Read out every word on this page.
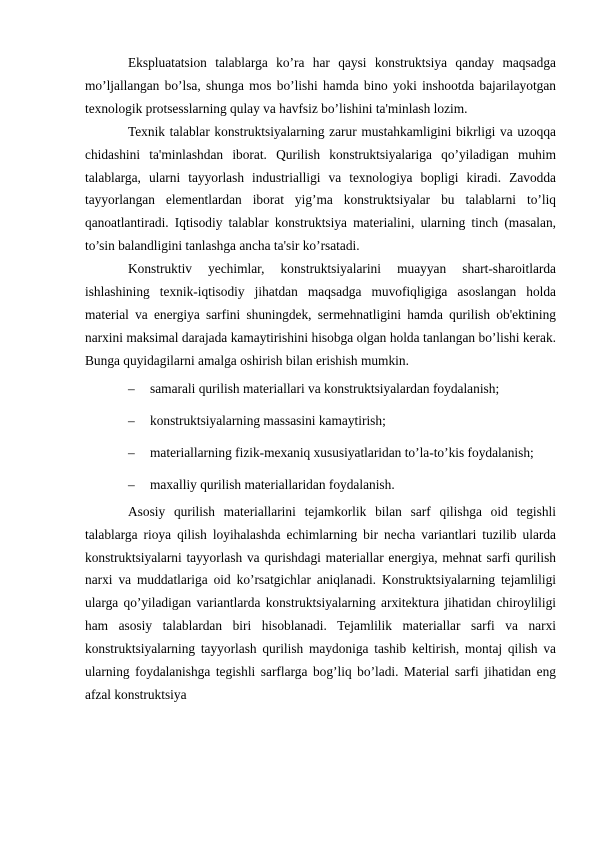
Ekspluatatsion talablarga ko’ra har qaysi konstruktsiya qanday maqsadga mo’ljallangan bo’lsa, shunga mos bo’lishi hamda bino yoki inshootda bajarilayotgan texnologik protsesslarning qulay va havfsiz bo’lishini ta'minlash lozim.

Texnik talablar konstruktsiyalarning zarur mustahkamligini bikrligi va uzoqqa chidashini ta'minlashdan iborat. Qurilish konstruktsiyalariga qo’yiladigan muhim talablarga, ularni tayyorlash industrialligi va texnologiya bopligi kiradi. Zavodda tayyorlangan elementlardan iborat yig’ma konstruktsiyalar bu talablarni to’liq qanoatlantiradi. Iqtisodiy talablar konstruktsiya materialini, ularning tinch (masalan, to’sin balandligini tanlashga ancha ta'sir ko’rsatadi.

Konstruktiv yechimlar, konstruktsiyalarini muayyan shart-sharoitlarda ishlashining texnik-iqtisodiy jihatdan maqsadga muvofiqligiga asoslangan holda material va energiya sarfini shuningdek, sermehnatligini hamda qurilish ob'ektining narxini maksimal darajada kamaytirishini hisobga olgan holda tanlangan bo’lishi kerak. Bunga quyidagilarni amalga oshirish bilan erishish mumkin.

– samarali qurilish materiallari va konstruktsiyalardan foydalanish;
– konstruktsiyalarning massasini kamaytirish;
– materiallarning fizik-mexaniq xususiyatlaridan to’la-to’kis foydalanish;
– maxalliy qurilish materiallaridan foydalanish.

Asosiy qurilish materiallarini tejamkorlik bilan sarf qilishga oid tegishli talablarga rioya qilish loyihalashda echimlarning bir necha variantlari tuzilib ularda konstruktsiyalarni tayyorlash va qurishdagi materiallar energiya, mehnat sarfi qurilish narxi va muddatlariga oid ko’rsatgichlar aniqlanadi. Konstruktsiyalarning tejamliligi ularga qo’yiladigan variantlarda konstruktsiyalarning arxitektura jihatidan chiroyliligi ham asosiy talablardan biri hisoblanadi. Tejamlilik materiallar sarfi va narxi konstruktsiyalarning tayyorlash qurilish maydoniga tashib keltirish, montaj qilish va ularning foydalanishga tegishli sarflarga bog’liq bo’ladi. Material sarfi jihatidan eng afzal konstruktsiya
